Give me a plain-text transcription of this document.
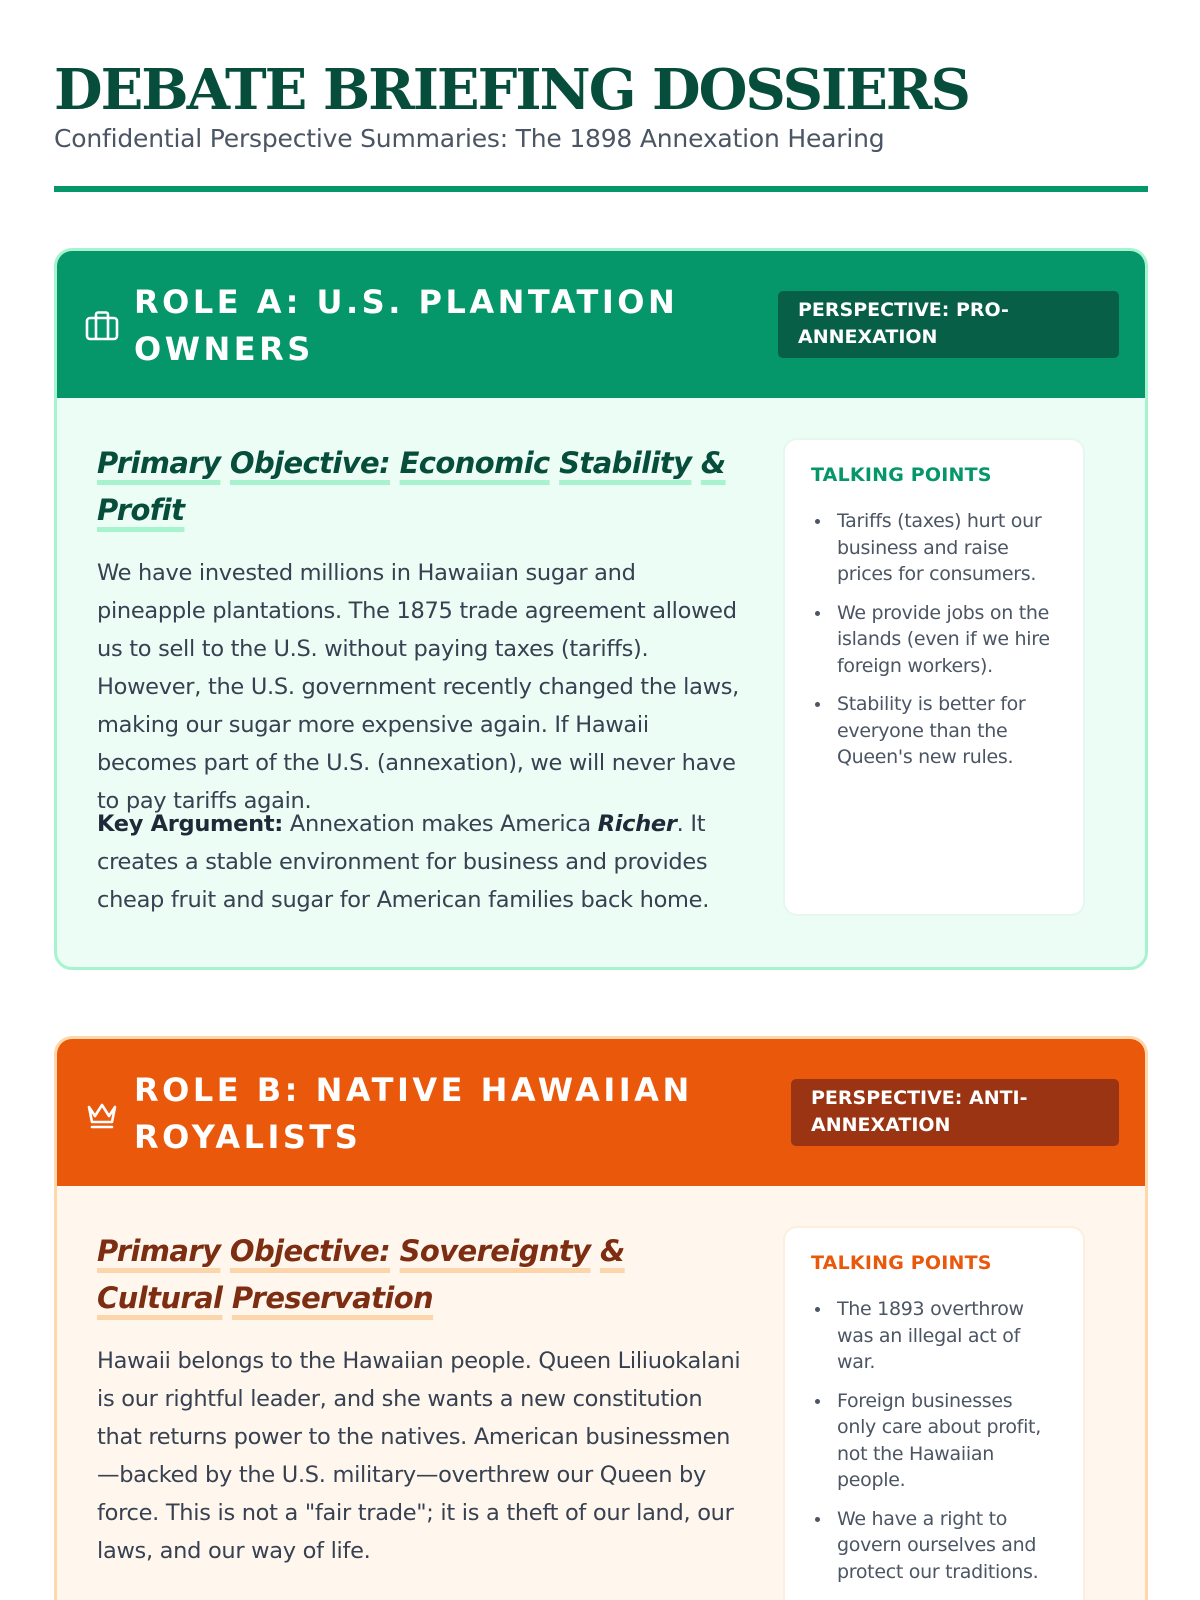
DEBATE BRIEFING DOSSIERS

Confidential Perspective Summaries: The 1898 Annexation Hearing

ROLE A: U.S. PLANTATION OWNERS
PERSPECTIVE: PRO-ANNEXATION
Primary Objective: Economic Stability & Profit

We have invested millions in Hawaiian sugar and pineapple plantations. The 1875 trade agreement allowed us to sell to the U.S. without paying taxes (tariffs). However, the U.S. government recently changed the laws, making our sugar more expensive again. If Hawaii becomes part of the U.S. (annexation), we will never have to pay tariffs again.

Key Argument: Annexation makes America Richer. It creates a stable environment for business and provides cheap fruit and sugar for American families back home.

TALKING POINTS
Tariffs (taxes) hurt our business and raise prices for consumers.
We provide jobs on the islands (even if we hire foreign workers).
Stability is better for everyone than the Queen's new rules.
ROLE B: NATIVE HAWAIIAN ROYALISTS
PERSPECTIVE: ANTI-ANNEXATION
Primary Objective: Sovereignty & Cultural Preservation

Hawaii belongs to the Hawaiian people. Queen Liliuokalani is our rightful leader, and she wants a new constitution that returns power to the natives. American businessmen—backed by the U.S. military—overthrew our Queen by force. This is not a "fair trade"; it is a theft of our land, our laws, and our way of life.

TALKING POINTS
The 1893 overthrow was an illegal act of war.
Foreign businesses only care about profit, not the Hawaiian people.
We have a right to govern ourselves and protect our traditions.
